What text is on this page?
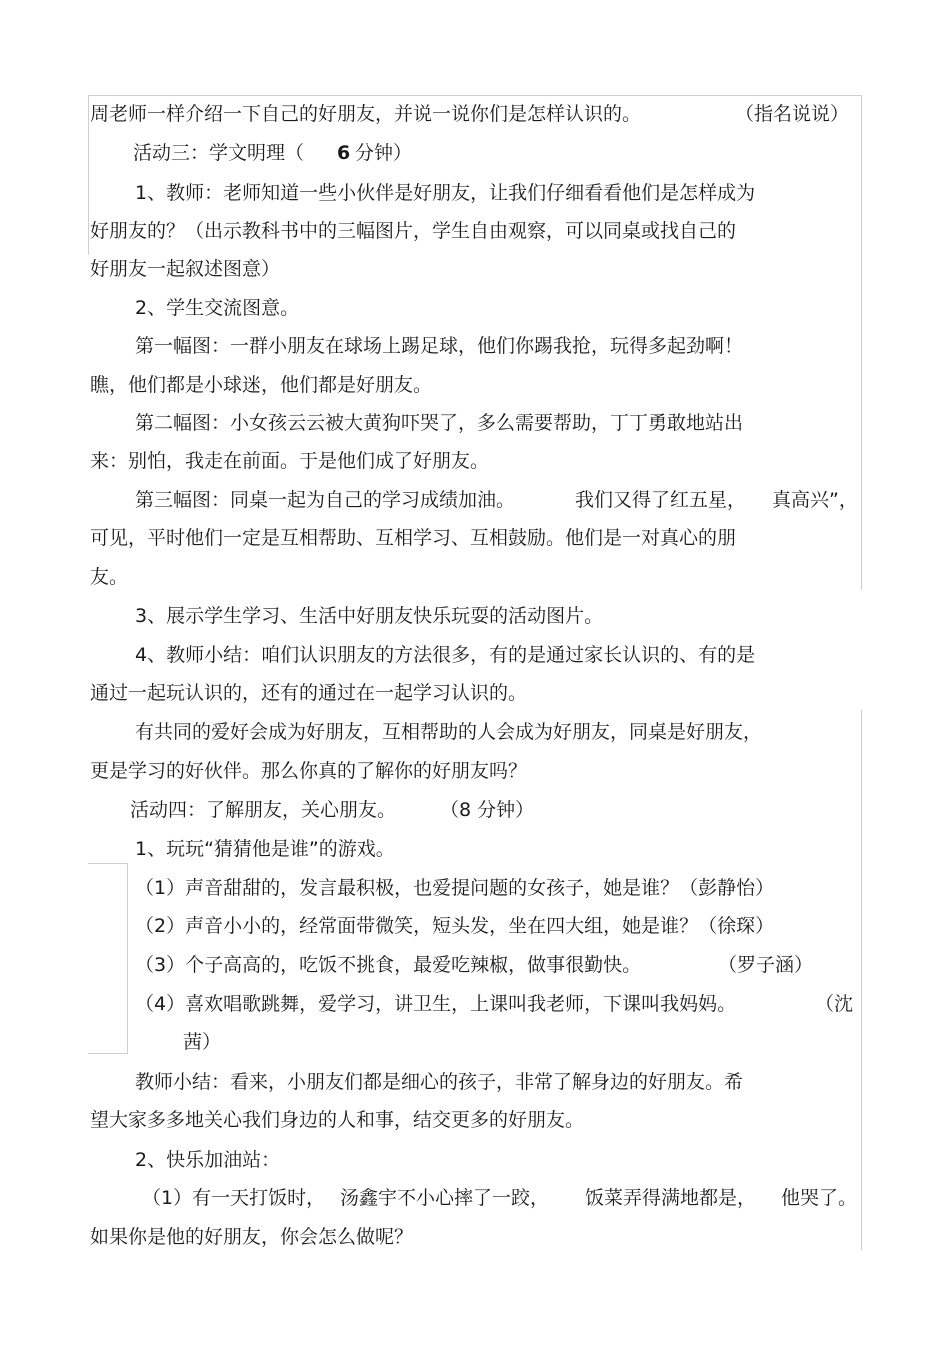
周老师一样介绍一下自己的好朋友，并说一说你们是怎样认识的。	（指名说说）
活动三：学文明理（ 6 分钟）
1、教师：老师知道一些小伙伴是好朋友，让我们仔细看看他们是怎样成为
好朋友的？（出示教科书中的三幅图片，学生自由观察，可以同桌或找自己的
好朋友一起叙述图意）
2、学生交流图意。
第一幅图：一群小朋友在球场上踢足球，他们你踢我抢，玩得多起劲啊！
瞧，他们都是小球迷，他们都是好朋友。
第二幅图：小女孩云云被大黄狗吓哭了，多么需要帮助，丁丁勇敢地站出
来：别怕，我走在前面。于是他们成了好朋友。
第三幅图：同桌一起为自己的学习成绩加油。	我们又得了红五星， 真高兴”，
可见，平时他们一定是互相帮助、互相学习、互相鼓励。他们是一对真心的朋
友。
3、展示学生学习、生活中好朋友快乐玩耍的活动图片。
4、教师小结：咱们认识朋友的方法很多，有的是通过家长认识的、有的是
通过一起玩认识的，还有的通过在一起学习认识的。
有共同的爱好会成为好朋友，互相帮助的人会成为好朋友，同桌是好朋友，
更是学习的好伙伴。那么你真的了解你的好朋友吗？
活动四：了解朋友，关心朋友。 （8 分钟）
1、玩玩“猜猜他是谁”的游戏。
（1）声音甜甜的，发言最积极，也爱提问题的女孩子，她是谁？（彭静怡）
（2）声音小小的，经常面带微笑，短头发，坐在四大组，她是谁？（徐琛）
（3）个子高高的，吃饭不挑食，最爱吃辣椒，做事很勤快。	（罗子涵）
（4）喜欢唱歌跳舞，爱学习，讲卫生，上课叫我老师，下课叫我妈妈。	（沈
茜）
教师小结：看来，小朋友们都是细心的孩子，非常了解身边的好朋友。希
望大家多多地关心我们身边的人和事，结交更多的好朋友。
2、快乐加油站：
（1）有一天打饭时， 汤鑫宇不小心摔了一跤， 饭菜弄得满地都是， 他哭了。
如果你是他的好朋友，你会怎么做呢？
